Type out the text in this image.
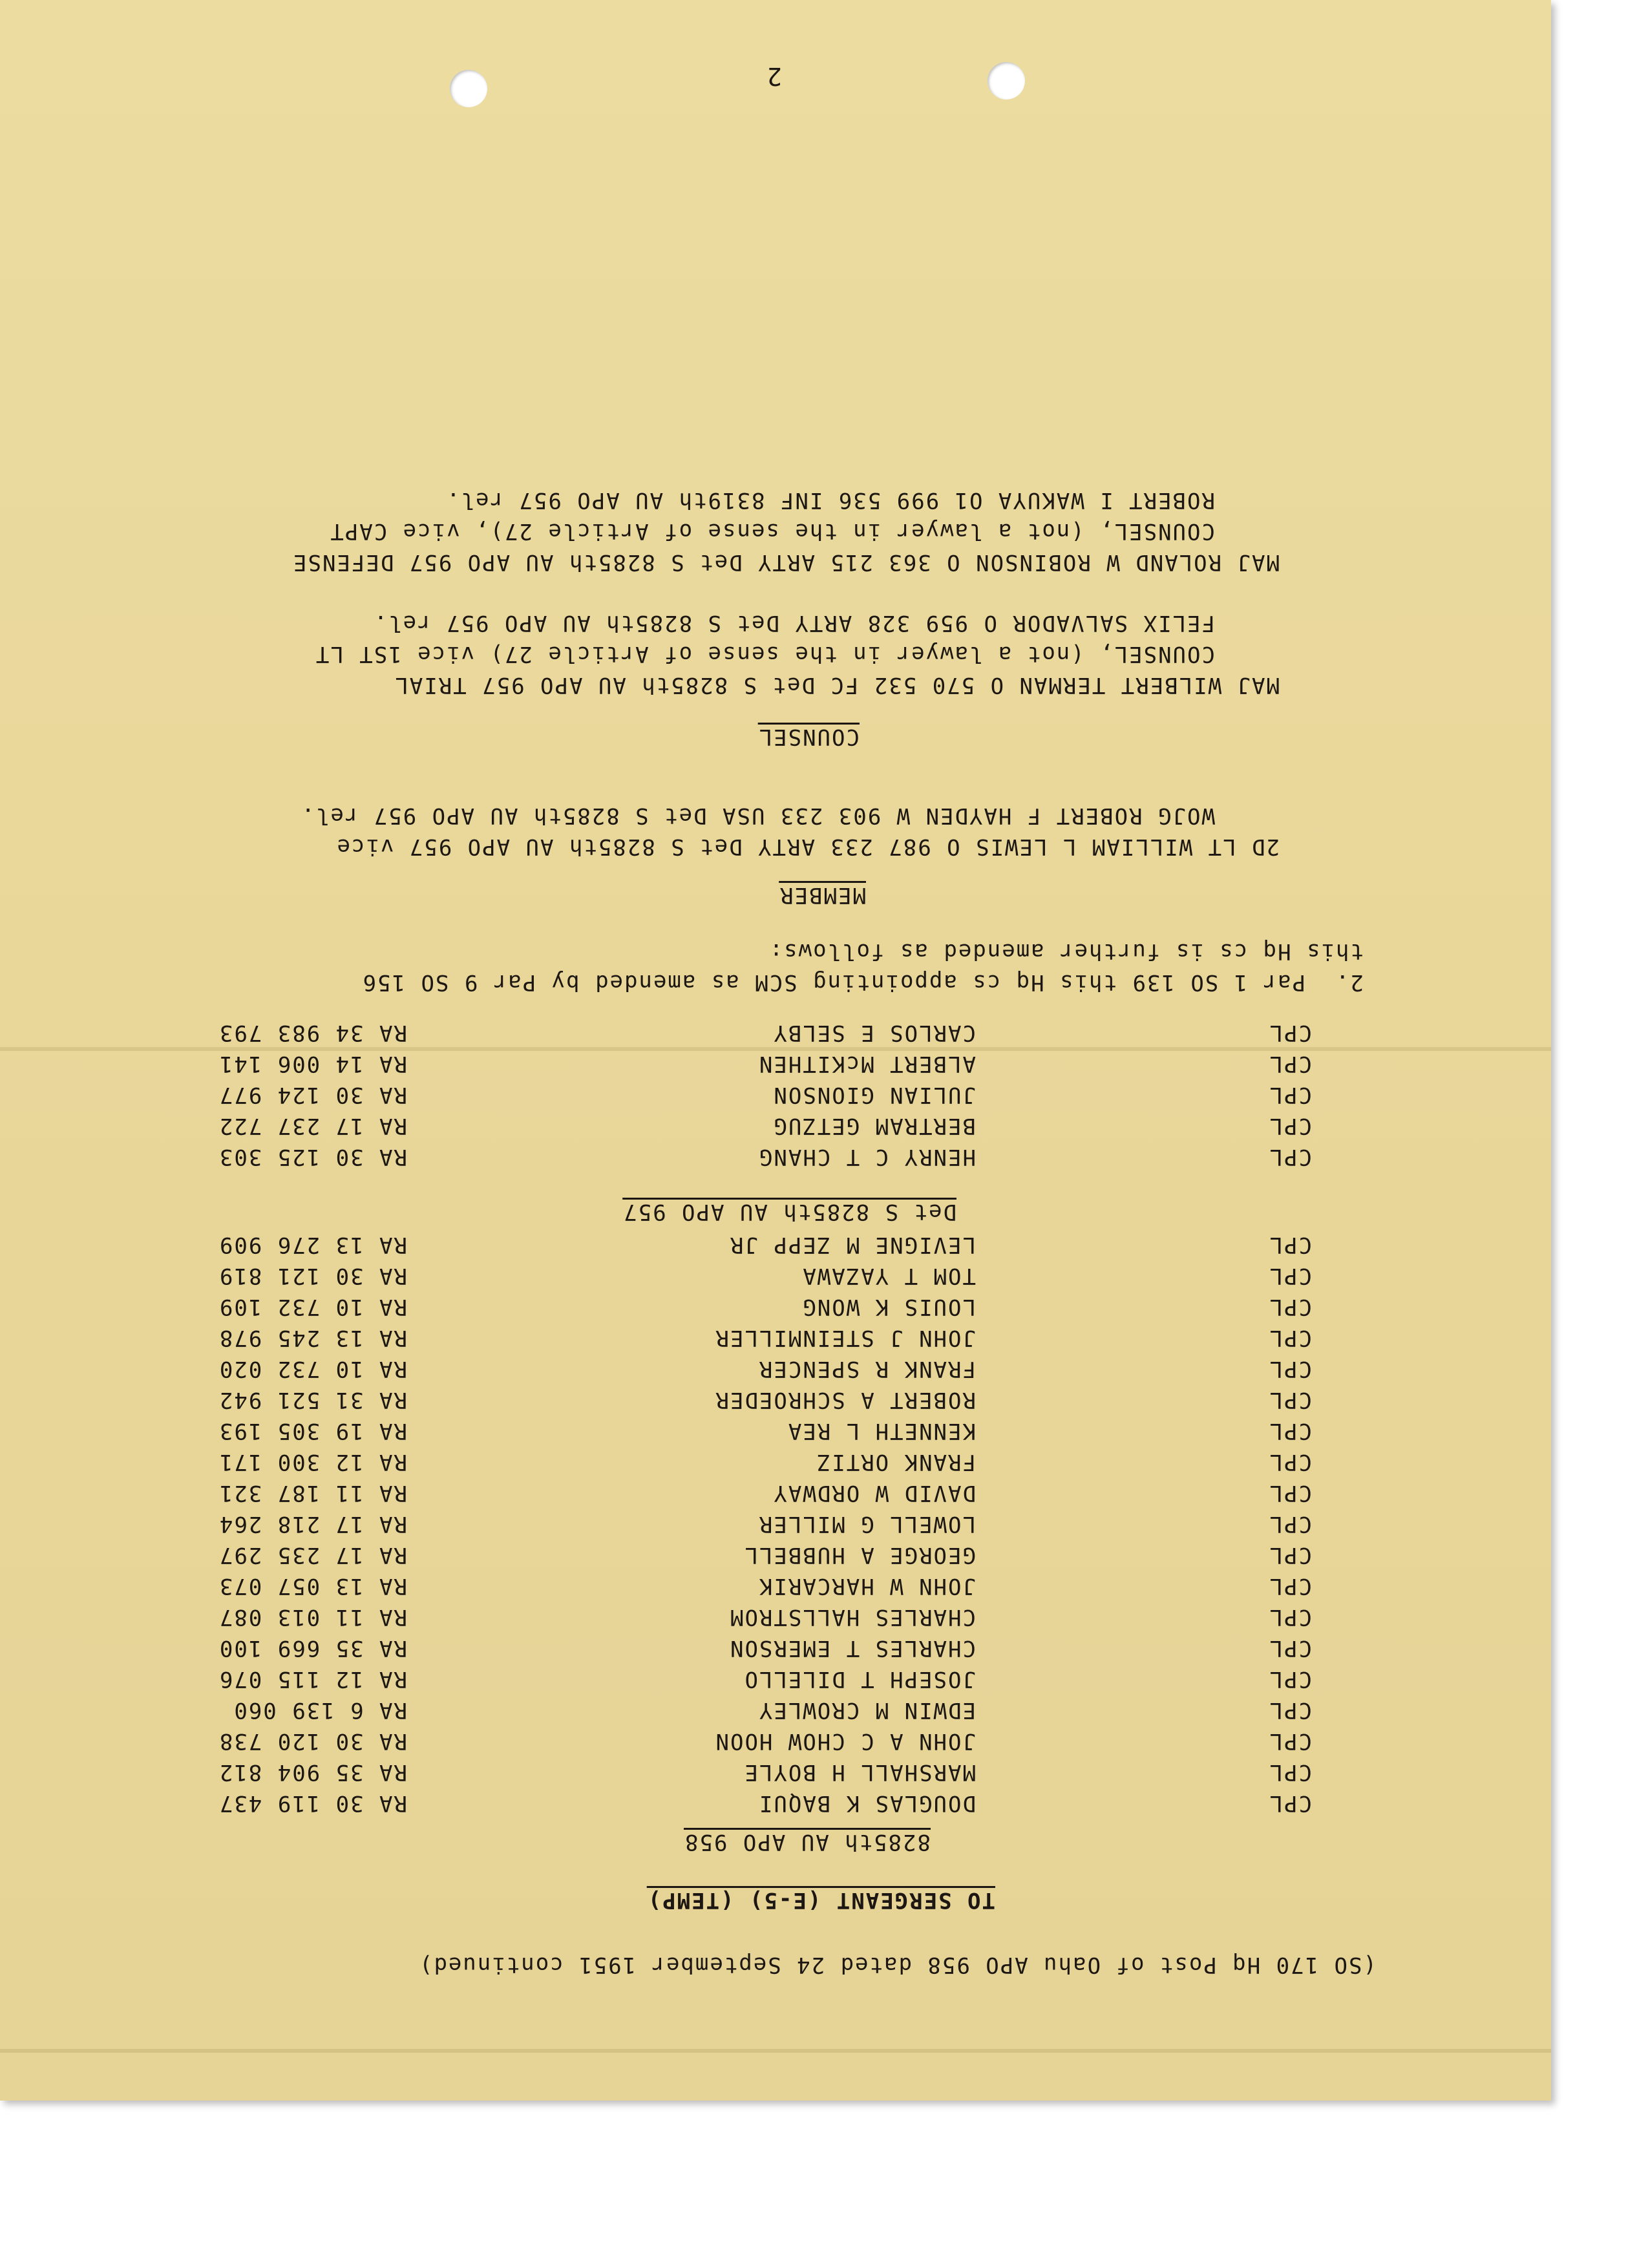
(SO 170 Hq Post of Oahu APO 958 dated 24 September 1951 continued)
TO SERGEANT (E-5) (TEMP)
8285th AU APO 958
CPL
DOUGLAS K BAQUI
RA 30 119 437
CPL
MARSHALL H BOYLE
RA 35 904 812
CPL
JOHN A C CHOW HOON
RA 30 120 738
CPL
EDWIN M CROWLEY
RA 6 139 060
CPL
JOSEPH T DILELLO
RA 12 115 076
CPL
CHARLES T EMERSON
RA 35 669 100
CPL
CHARLES HALLSTROM
RA 11 013 087
CPL
JOHN W HARCARIK
RA 13 057 073
CPL
GEORGE A HUBBELL
RA 17 235 297
CPL
LOWELL G MILLER
RA 17 218 264
CPL
DAVID W ORDWAY
RA 11 187 321
CPL
FRANK ORTIZ
RA 12 300 171
CPL
KENNETH L REA
RA 19 305 193
CPL
ROBERT A SCHROEDER
RA 31 521 942
CPL
FRANK R SPENCER
RA 10 732 020
CPL
JOHN J STEINMILLER
RA 13 245 978
CPL
LOUIS K WONG
RA 10 732 109
CPL
TOM T YAZAWA
RA 30 121 819
CPL
LEVIGNE M ZEPP JR
RA 13 276 909
Det S 8285th AU APO 957
CPL
HENRY C T CHANG
RA 30 125 303
CPL
BERTRAM GETZUG
RA 17 237 722
CPL
JULIAN GIONSON
RA 30 124 977
CPL
ALBERT McKITHEN
RA 14 006 141
CPL
CARLOS E SELBY
RA 34 983 793
2.  Par 1 SO 139 this Hq cs appointing SCM as amended by Par 9 SO 156
this Hq cs is further amended as follows:
MEMBER
2D LT WILLIAM L LEWIS O 987 233 ARTY Det S 8285th AU APO 957 vice
WOJG ROBERT F HAYDEN W 903 233 USA Det S 8285th AU APO 957 rel.
COUNSEL
MAJ WILBERT TERMAN O 570 532 FC Det S 8285th AU APO 957 TRIAL
COUNSEL, (not a lawyer in the sense of Article 27) vice 1ST LT
FELIX SALVADOR O 959 328 ARTY Det S 8285th AU APO 957 rel.
MAJ ROLAND W ROBINSON O 363 215 ARTY Det S 8285th AU APO 957 DEFENSE
COUNSEL, (not a lawyer in the sense of Article 27), vice CAPT
ROBERT I WAKUYA O1 999 536 INF 8319th AU APO 957 rel.
2
